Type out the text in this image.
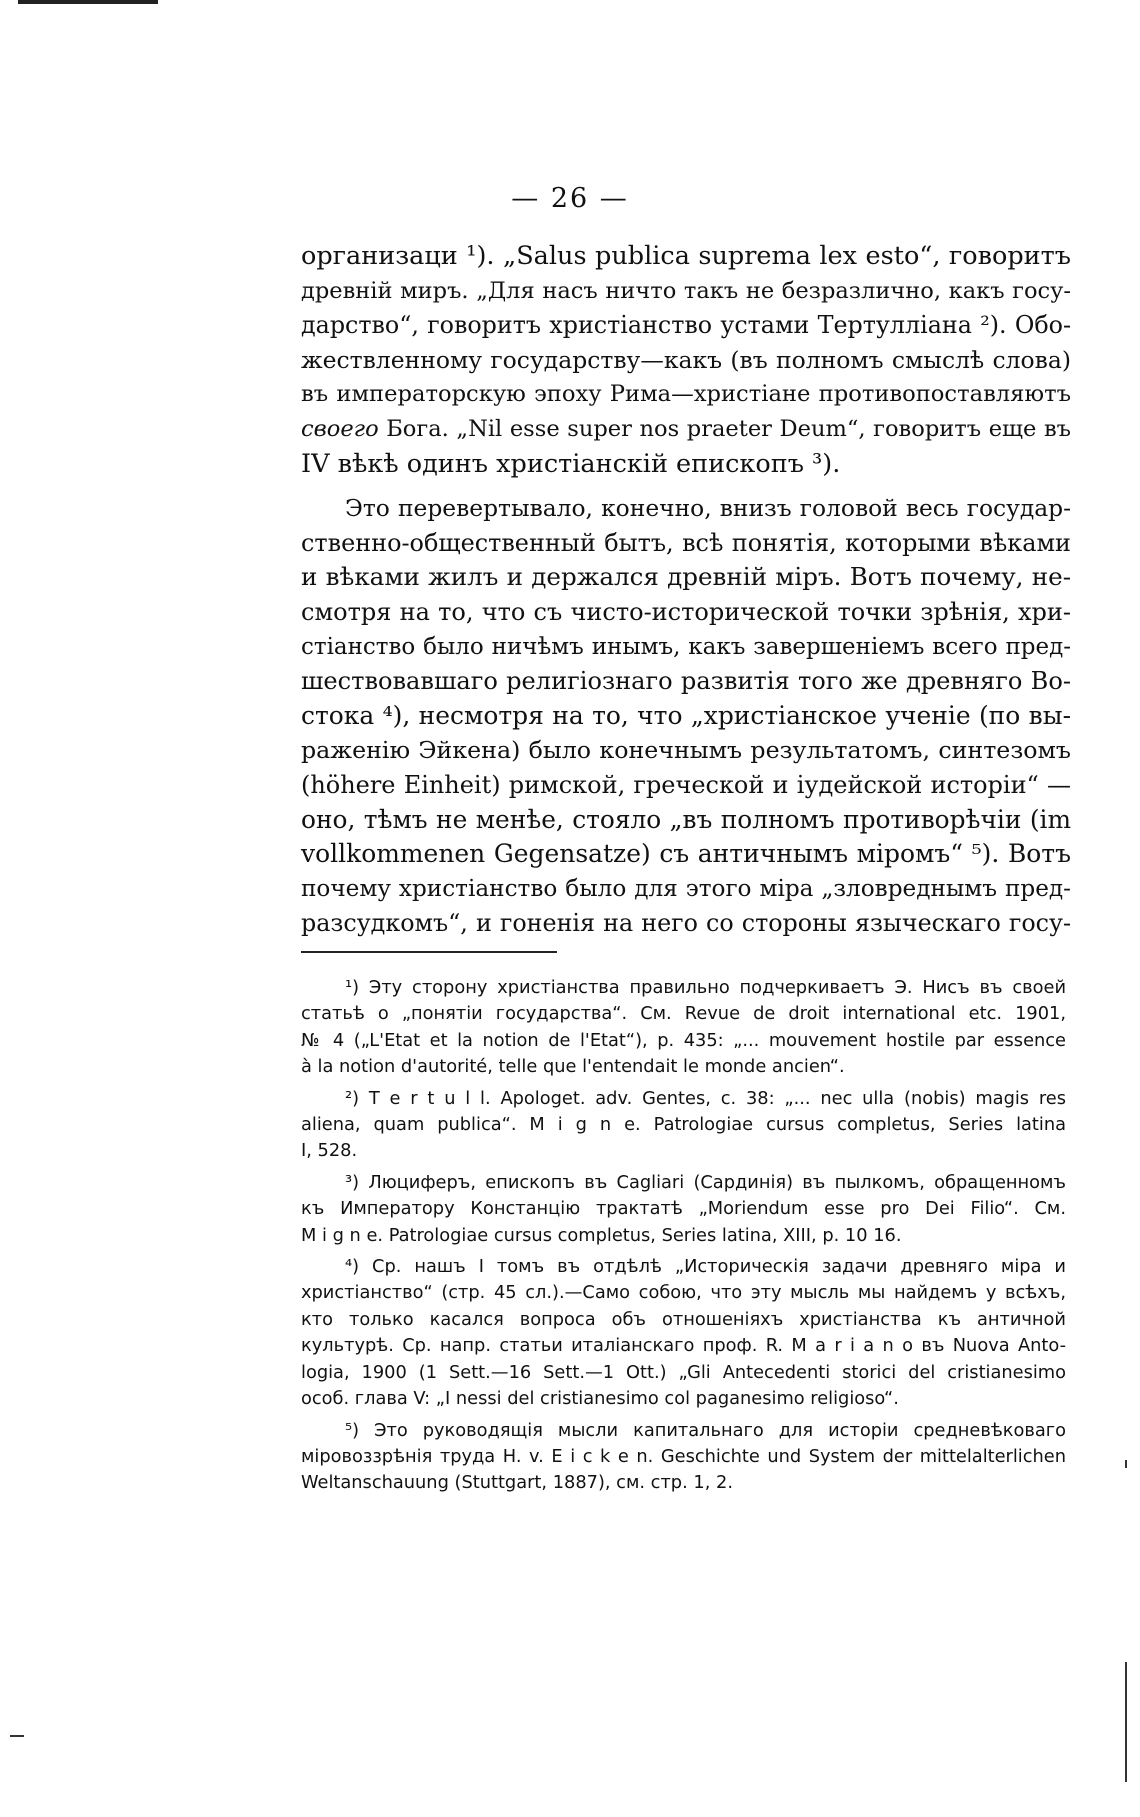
— 26 —
организаци ¹). „Salus publica suprema lex esto“, говоритъ
древній миръ. „Для насъ ничто такъ не безразлично, какъ госу-
дарство“, говоритъ христіанство устами Тертулліана ²). Обо-
жествленному государству—какъ (въ полномъ смыслѣ слова)
въ императорскую эпоху Рима—христіане противопоставляютъ
своего Бога. „Nil esse super nos praeter Deum“, говоритъ еще въ
IV вѣкѣ одинъ христіанскій епископъ ³).
Это перевертывало, конечно, внизъ головой весь государ-
ственно-общественный бытъ, всѣ понятія, которыми вѣками
и вѣками жилъ и держался древній міръ. Вотъ почему, не-
смотря на то, что съ чисто-исторической точки зрѣнія, хри-
стіанство было ничѣмъ инымъ, какъ завершеніемъ всего пред-
шествовавшаго религіознаго развитія того же древняго Во-
стока ⁴), несмотря на то, что „христіанское ученіе (по вы-
раженію Эйкена) было конечнымъ результатомъ, синтезомъ
(höhere Einheit) римской, греческой и іудейской исторіи“ —
оно, тѣмъ не менѣе, стояло „въ полномъ противорѣчіи (im
vollkommenen Gegensatze) съ античнымъ міромъ“ ⁵). Вотъ
почему христіанство было для этого міра „зловреднымъ пред-
разсудкомъ“, и гоненія на него со стороны языческаго госу-
¹) Эту сторону христіанства правильно подчеркиваетъ Э. Нисъ въ своей
статьѣ о „понятіи государства“. См. Revue de droit international etc. 1901,
№ 4 („L'Etat et la notion de l'Etat“), p. 435: „... mouvement hostile par essence
à la notion d'autorité, telle que l'entendait le monde ancien“.
²) T e r t u l l. Apologet. adv. Gentes, c. 38: „... nec ulla (nobis) magis res
aliena, quam publica“. M i g n e. Patrologiae cursus completus, Series latina
I, 528.
³) Люциферъ, епископъ въ Cagliari (Сардинія) въ пылкомъ, обращенномъ
къ Императору Констанцію трактатѣ „Moriendum esse pro Dei Filio“. См.
M i g n e. Patrologiae cursus completus, Series latina, XIII, p. 10 16.
⁴) Ср. нашъ I томъ въ отдѣлѣ „Историческія задачи древняго міра и
христіанство“ (стр. 45 сл.).—Само собою, что эту мысль мы найдемъ у всѣхъ,
кто только касался вопроса объ отношеніяхъ христіанства къ античной
культурѣ. Ср. напр. статьи италіанскаго проф. R. M a r i a n o въ Nuova Anto-
logia, 1900 (1 Sett.—16 Sett.—1 Ott.) „Gli Antecedenti storici del cristianesimo
особ. глава V: „I nessi del cristianesimo col paganesimo religioso“.
⁵) Это руководящія мысли капитальнаго для исторіи средневѣковаго
міровоззрѣнія труда H. v. E i c k e n. Geschichte und System der mittelalterlichen
Weltanschauung (Stuttgart, 1887), см. стр. 1, 2.
